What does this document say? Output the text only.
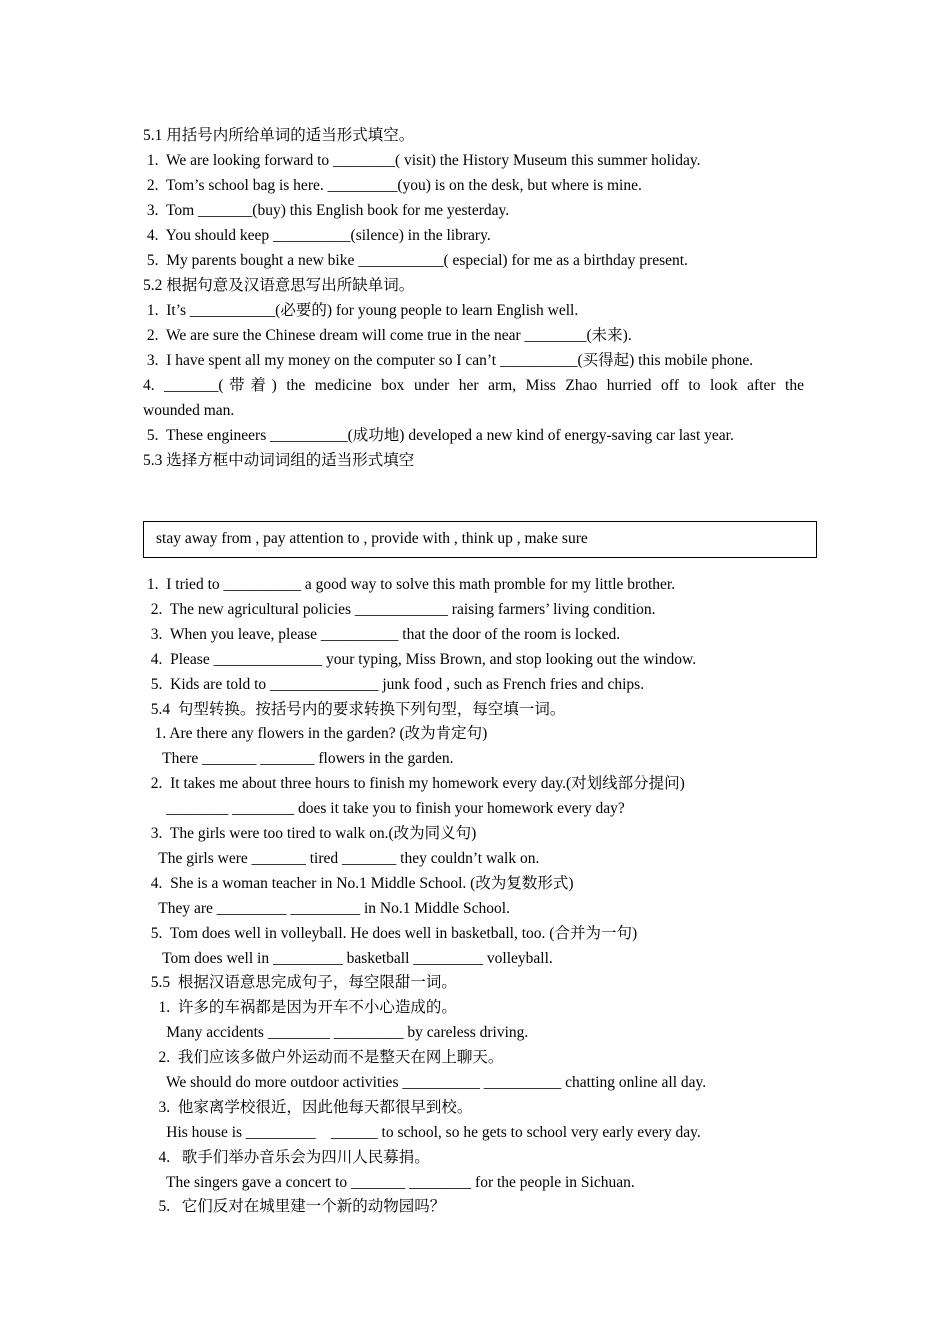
5.1 用括号内所给单词的适当形式填空。
1.  We are looking forward to ________( visit) the History Museum this summer holiday.
2.  Tom’s school bag is here. _________(you) is on the desk, but where is mine.
3.  Tom _______(buy) this English book for me yesterday.
4.  You should keep __________(silence) in the library.
5.  My parents bought a new bike ___________( especial) for me as a birthday present.
5.2 根据句意及汉语意思写出所缺单词。
1.  It’s ___________(必要的) for young people to learn English well.
2.  We are sure the Chinese dream will come true in the near ________(未来).
3.  I have spent all my money on the computer so I can’t __________(买得起) this mobile phone.
4. _______(带着) the medicine box under her arm, Miss Zhao hurried off to look after the
wounded man.
5.  These engineers __________(成功地) developed a new kind of energy-saving car last year.
5.3 选择方框中动词词组的适当形式填空
stay away from , pay attention to , provide with , think up , make sure
1.  I tried to __________ a good way to solve this math promble for my little brother.
2.  The new agricultural policies ____________ raising farmers’ living condition.
3.  When you leave, please __________ that the door of the room is locked.
4.  Please ______________ your typing, Miss Brown, and stop looking out the window.
5.  Kids are told to ______________ junk food , such as French fries and chips.
5.4  句型转换。按括号内的要求转换下列句型，每空填一词。
1. Are there any flowers in the garden? (改为肯定句)
There _______ _______ flowers in the garden.
2.  It takes me about three hours to finish my homework every day.(对划线部分提问)
________ ________ does it take you to finish your homework every day?
3.  The girls were too tired to walk on.(改为同义句)
The girls were _______ tired _______ they couldn’t walk on.
4.  She is a woman teacher in No.1 Middle School. (改为复数形式)
They are _________ _________ in No.1 Middle School.
5.  Tom does well in volleyball. He does well in basketball, too. (合并为一句)
Tom does well in _________ basketball _________ volleyball.
5.5  根据汉语意思完成句子，每空限甜一词。
1.  许多的车祸都是因为开车不小心造成的。
Many accidents ________ _________ by careless driving.
2.  我们应该多做户外运动而不是整天在网上聊天。
We should do more outdoor activities __________ __________ chatting online all day.
3.  他家离学校很近，因此他每天都很早到校。
His house is _________    ______ to school, so he gets to school very early every day.
4.   歌手们举办音乐会为四川人民募捐。
The singers gave a concert to _______ ________ for the people in Sichuan.
5.   它们反对在城里建一个新的动物园吗？
